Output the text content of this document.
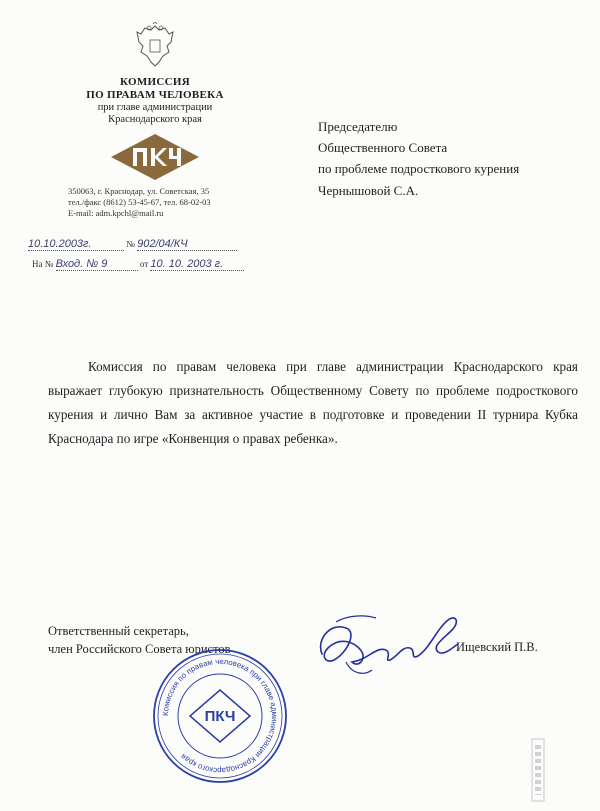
КОМИССИЯ
ПО ПРАВАМ ЧЕЛОВЕКА
при главе администрации
Краснодарского края
350063, г. Краснодар, ул. Советская, 35
тел./факс (8612) 53-45-67, тел. 68-02-03
E-mail: adm.kpchl@mail.ru
10.10.2003г.	№ 902/04/КЧ
На № Вход. № 9	от 10. 10. 2003 г.
Председателю
Общественного Совета
по проблеме подросткового курения
Чернышовой С.А.
Комиссия по правам человека при главе администрации Краснодарского края выражает глубокую признательность Общественному Совету по проблеме подросткового курения и лично Вам за активное участие в подготовке и проведении II турнира Кубка Краснодара по игре «Конвенция о правах ребенка».
Ответственный секретарь,
член Российского Совета юристов	Ищевский П.В.
Комиссия по правам человека при главе администрации Краснодарского края
ПКЧ
